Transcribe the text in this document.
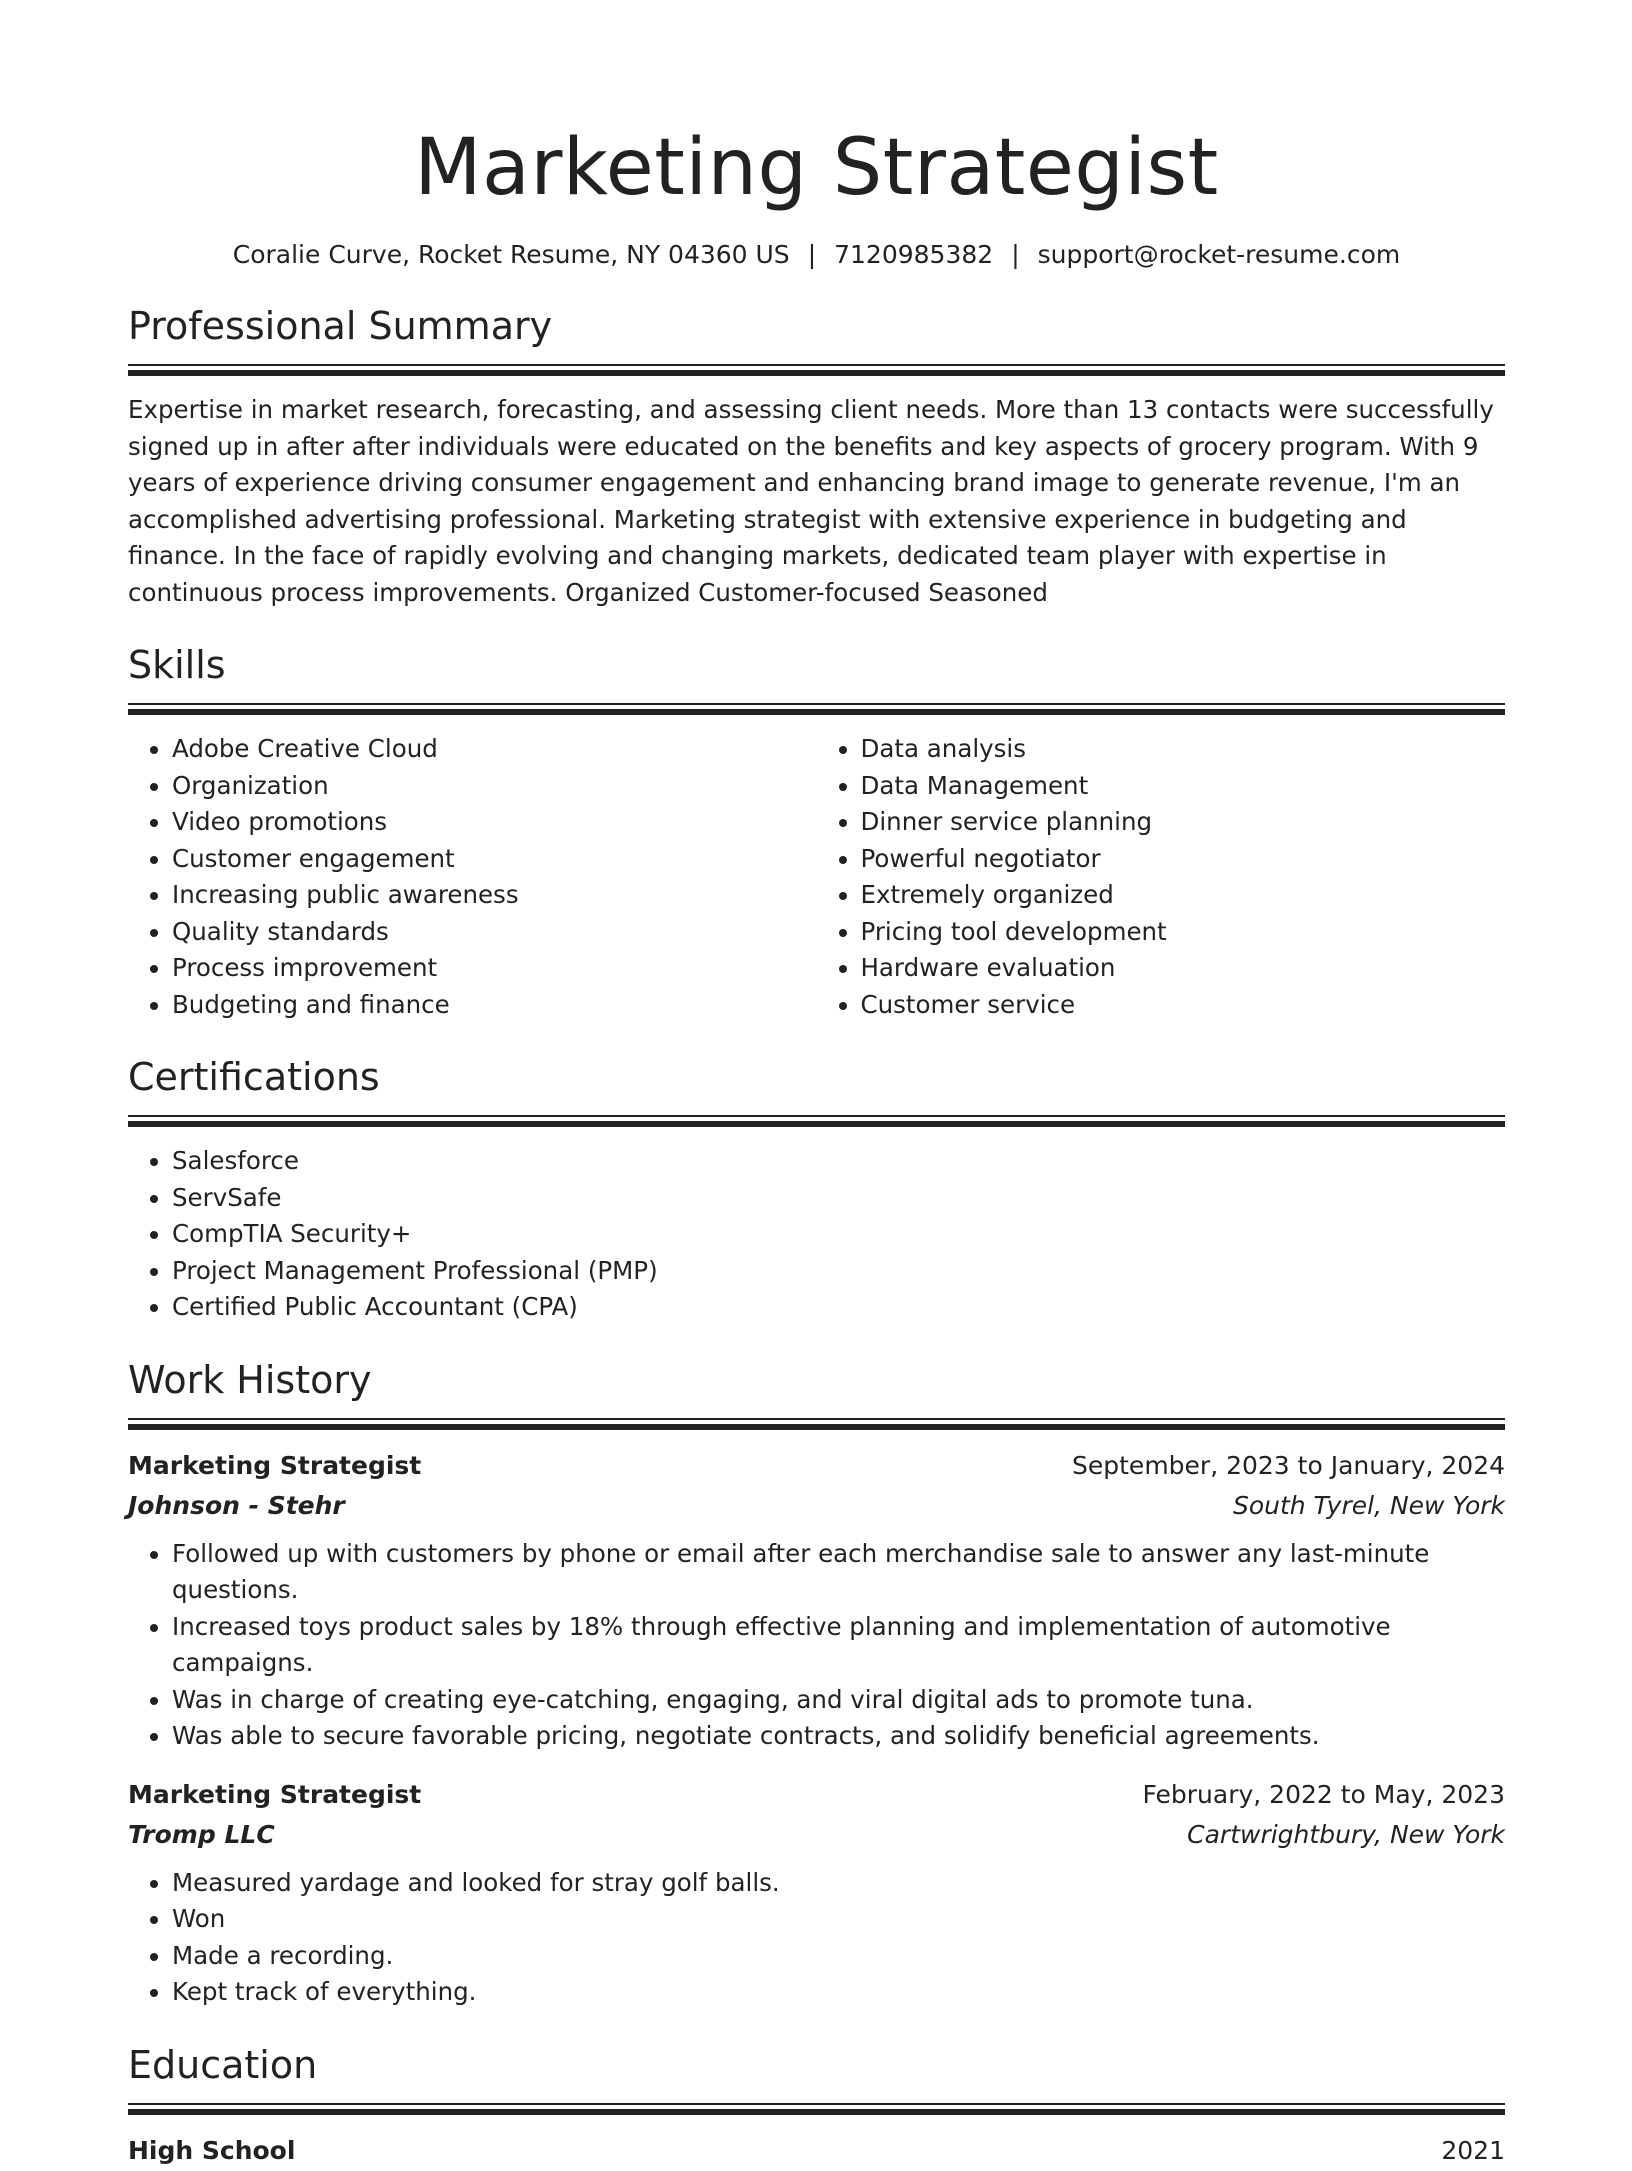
Marketing Strategist
Coralie Curve, Rocket Resume, NY 04360 US | 7120985382 | support@rocket-resume.com
Professional Summary

Expertise in market research, forecasting, and assessing client needs. More than 13 contacts were successfully signed up in after after individuals were educated on the benefits and key aspects of grocery program. With 9 years of experience driving consumer engagement and enhancing brand image to generate revenue, I'm an accomplished advertising professional. Marketing strategist with extensive experience in budgeting and finance. In the face of rapidly evolving and changing markets, dedicated team player with expertise in continuous process improvements. Organized Customer-focused Seasoned

Skills
• Adobe Creative Cloud
• Organization
• Video promotions
• Customer engagement
• Increasing public awareness
• Quality standards
• Process improvement
• Budgeting and finance
• Data analysis
• Data Management
• Dinner service planning
• Powerful negotiator
• Extremely organized
• Pricing tool development
• Hardware evaluation
• Customer service
Certifications
• Salesforce
• ServSafe
• CompTIA Security+
• Project Management Professional (PMP)
• Certified Public Accountant (CPA)
Work History
Marketing Strategist	September, 2023 to January, 2024
Johnson - Stehr	South Tyrel, New York
• Followed up with customers by phone or email after each merchandise sale to answer any last-minute questions.
• Increased toys product sales by 18% through effective planning and implementation of automotive campaigns.
• Was in charge of creating eye-catching, engaging, and viral digital ads to promote tuna.
• Was able to secure favorable pricing, negotiate contracts, and solidify beneficial agreements.
Marketing Strategist	February, 2022 to May, 2023
Tromp LLC	Cartwrightbury, New York
• Measured yardage and looked for stray golf balls.
• Won
• Made a recording.
• Kept track of everything.
Education
High School	2021
